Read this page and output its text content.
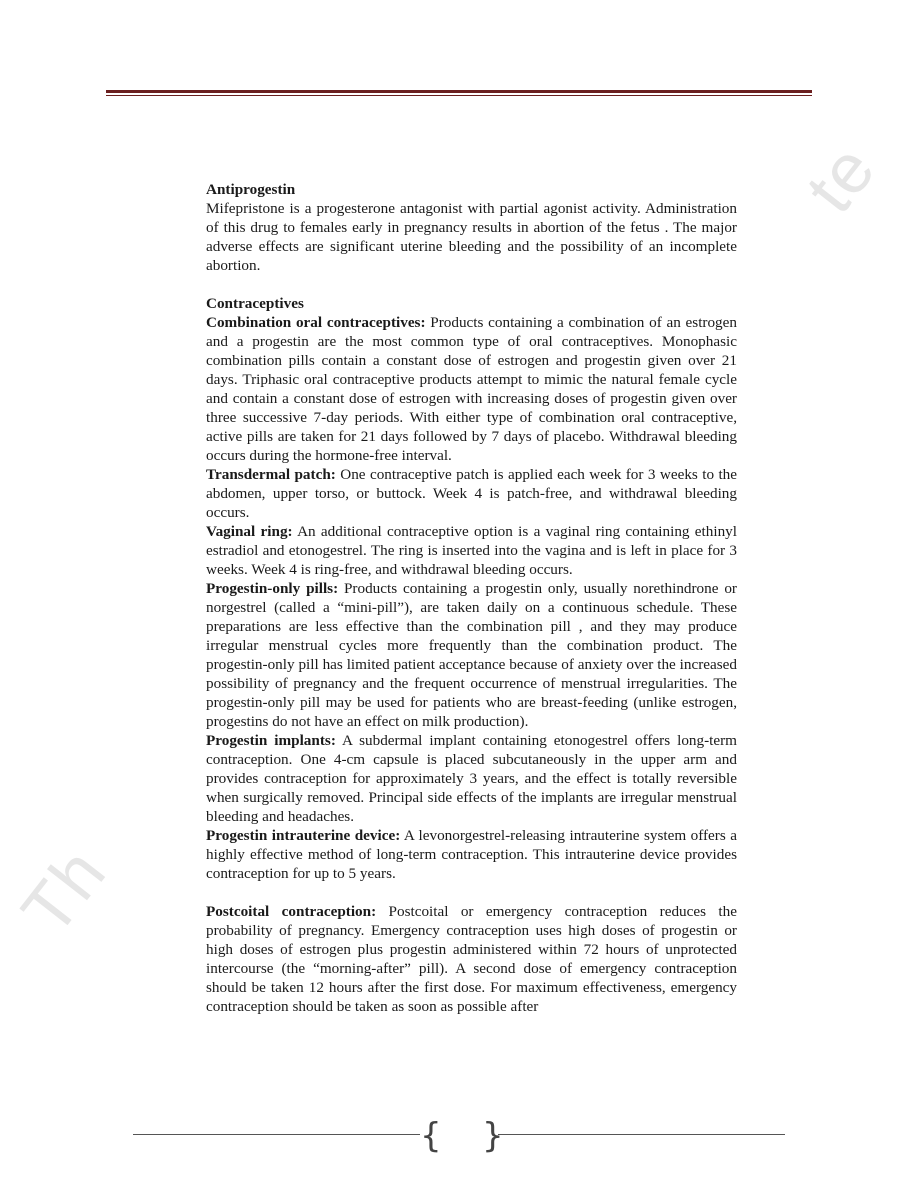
te
Th

Antiprogestin

Mifepristone is a progesterone antagonist with partial agonist activity. Administration of this drug to females early in pregnancy results in abortion of the fetus . The major adverse effects are significant uterine bleeding and the possibility of an incomplete abortion.

Contraceptives

Combination oral contraceptives: Products containing a combination of an estrogen and a progestin are the most common type of oral contraceptives. Monophasic combination pills contain a constant dose of estrogen and progestin given over 21 days. Triphasic oral contraceptive products attempt to mimic the natural female cycle and contain a constant dose of estrogen with increasing doses of progestin given over three successive 7-day periods. With either type of combination oral contraceptive, active pills are taken for 21 days followed by 7 days of placebo. Withdrawal bleeding occurs during the hormone-free interval.

Transdermal patch: One contraceptive patch is applied each week for 3 weeks to the abdomen, upper torso, or buttock. Week 4 is patch-free, and withdrawal bleeding occurs.

Vaginal ring: An additional contraceptive option is a vaginal ring containing ethinyl estradiol and etonogestrel. The ring is inserted into the vagina and is left in place for 3 weeks. Week 4 is ring-free, and withdrawal bleeding occurs.

Progestin-only pills: Products containing a progestin only, usually norethindrone or norgestrel (called a “mini-pill”), are taken daily on a continuous schedule. These preparations are less effective than the combination pill , and they may produce irregular menstrual cycles more frequently than the combination product. The progestin-only pill has limited patient acceptance because of anxiety over the increased possibility of pregnancy and the frequent occurrence of menstrual irregularities. The progestin-only pill may be used for patients who are breast-feeding (unlike estrogen, progestins do not have an effect on milk production).

Progestin implants: A subdermal implant containing etonogestrel offers long-term contraception. One 4-cm capsule is placed subcutaneously in the upper arm and provides contraception for approximately 3 years, and the effect is totally reversible when surgically removed. Principal side effects of the implants are irregular menstrual bleeding and headaches.

Progestin intrauterine device: A levonorgestrel-releasing intrauterine system offers a highly effective method of long-term contraception. This intrauterine device provides contraception for up to 5 years.

Postcoital contraception: Postcoital or emergency contraception reduces the probability of pregnancy. Emergency contraception uses high doses of progestin or high doses of estrogen plus progestin administered within 72 hours of unprotected intercourse (the “morning-after” pill). A second dose of emergency contraception should be taken 12 hours after the first dose. For maximum effectiveness, emergency contraception should be taken as soon as possible after

{ }
